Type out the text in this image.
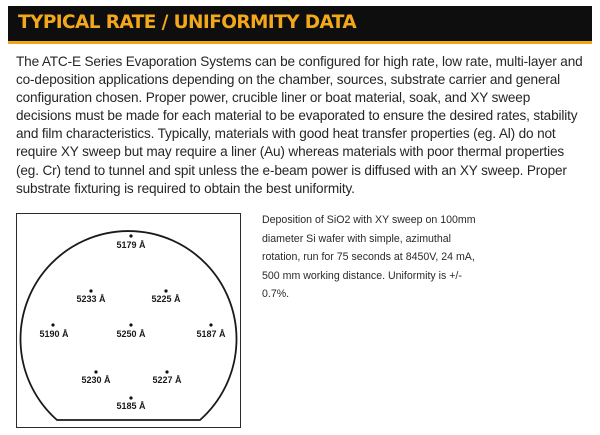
TYPICAL RATE / UNIFORMITY DATA

The ATC-E Series Evaporation Systems can be configured for high rate, low rate, multi-layer and co-deposition applications depending on the chamber, sources, substrate carrier and general configuration chosen. Proper power, crucible liner or boat material, soak, and XY sweep decisions must be made for each material to be evaporated to ensure the desired rates, stability and film characteristics. Typically, materials with good heat transfer properties (eg. Al) do not require XY sweep but may require a liner (Au) whereas materials with poor thermal properties (eg. Cr) tend to tunnel and spit unless the e-beam power is diffused with an XY sweep. Proper substrate fixturing is required to obtain the best uniformity.

5179 Å
5233 Å	5225 Å
5190 Å	5250 Å	5187 Å
5230 Å	5227 Å
5185 Å

Deposition of SiO2 with XY sweep on 100mm diameter Si wafer with simple, azimuthal rotation, run for 75 seconds at 8450V, 24 mA, 500 mm working distance. Uniformity is +/- 0.7%.
